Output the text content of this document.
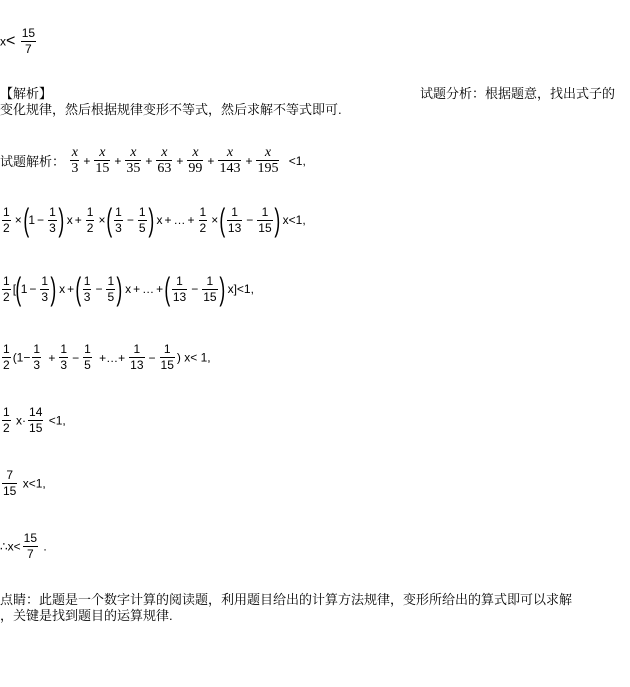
$x< \frac{15}{7}$
【解析】	试题分析：根据题意，找出式子的
变化规律，然后根据规律变形不等式，然后求解不等式即可.
试题解析： $\frac{x}{3} + \frac{x}{15} + \frac{x}{35} + \frac{x}{63} + \frac{x}{99} + \frac{x}{143} + \frac{x}{195} <1$,
$\frac{1}{2} \times(1 - \frac{1}{3}$ ) $x + \frac{1}{2}$ ×( $\frac{1}{3} - \frac{1}{5}$ ) x + … + $\frac{1}{2}$ ×( $\frac{1}{13} - \frac{1}{15}$ ) x<1,
$\frac{1}{2} [(1 - \frac{1}{3}$ ) x +( $\frac{1}{3} - \frac{1}{5}$ ) x + … +( $\frac{1}{13} - \frac{1}{15}$ ) x]<1,
$\frac{1}{2} (1- \frac{1}{3} + \frac{1}{3} - \frac{1}{5}$ +…+ $\frac{1}{13} - \frac{1}{15}$ ) x< 1,
$\frac{1}{2} x\cdot \frac{14}{15} <1$,
$\frac{7}{15} x<1$,
∴x< $\frac{15}{7}$ .
点睛：此题是一个数字计算的阅读题，利用题目给出的计算方法规律，变形所给出的算式即可以求解
，关键是找到题目的运算规律.
